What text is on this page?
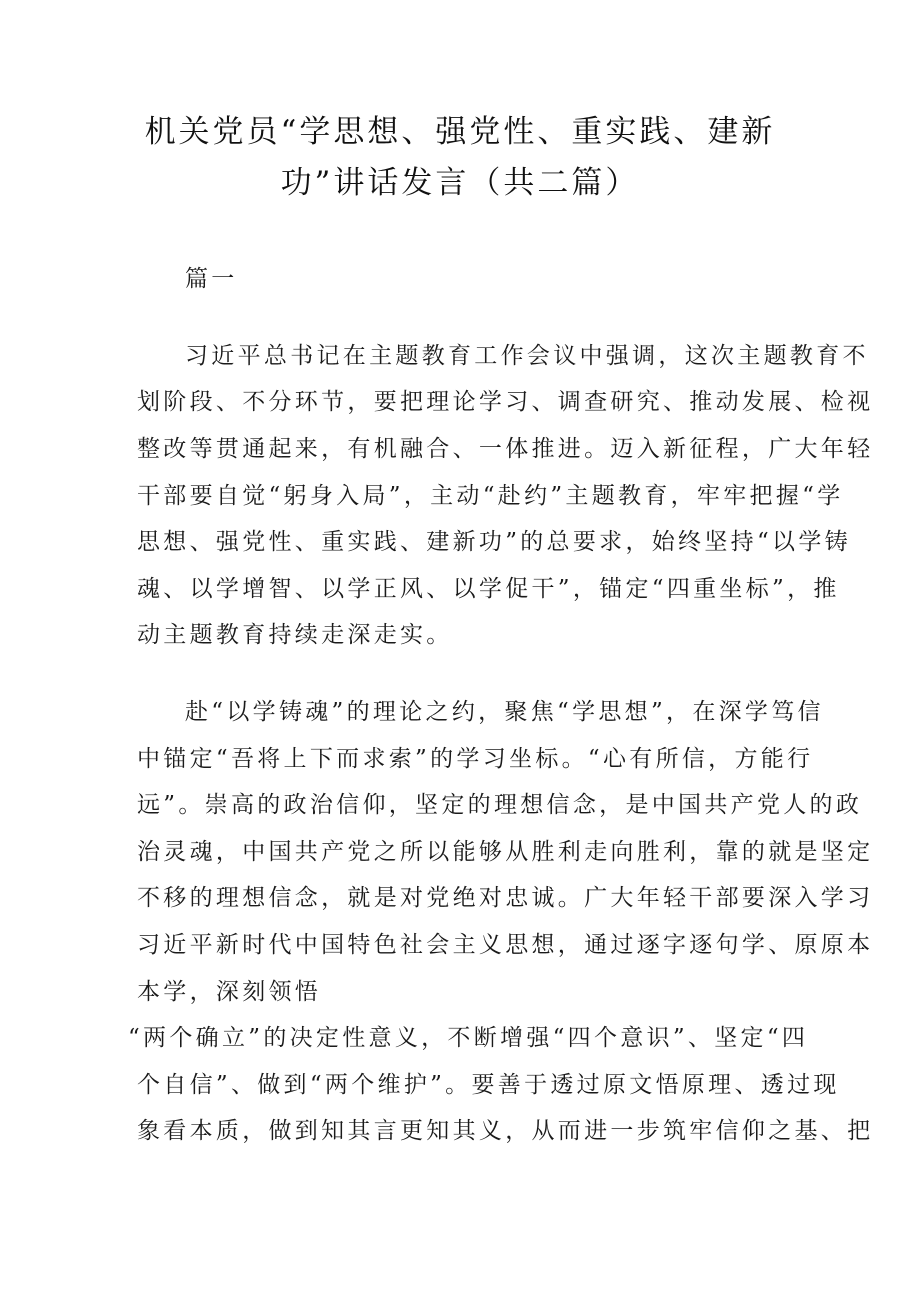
机关党员“学思想、强党性、重实践、建新
功”讲话发言（共二篇）
篇一
习近平总书记在主题教育工作会议中强调，这次主题教育不
划阶段、不分环节，要把理论学习、调查研究、推动发展、检视
整改等贯通起来，有机融合、一体推进。迈入新征程，广大年轻
干部要自觉“躬身入局”，主动“赴约”主题教育，牢牢把握“学
思想、强党性、重实践、建新功”的总要求，始终坚持“以学铸
魂、以学增智、以学正风、以学促干”，锚定“四重坐标”，推
动主题教育持续走深走实。
赴“以学铸魂”的理论之约，聚焦“学思想”，在深学笃信
中锚定“吾将上下而求索”的学习坐标。“心有所信，方能行
远”。崇高的政治信仰，坚定的理想信念，是中国共产党人的政
治灵魂，中国共产党之所以能够从胜利走向胜利，靠的就是坚定
不移的理想信念，就是对党绝对忠诚。广大年轻干部要深入学习
习近平新时代中国特色社会主义思想，通过逐字逐句学、原原本
本学，深刻领悟
“两个确立”的决定性意义，不断增强“四个意识”、坚定“四
个自信”、做到“两个维护”。要善于透过原文悟原理、透过现
象看本质，做到知其言更知其义，从而进一步筑牢信仰之基、把
